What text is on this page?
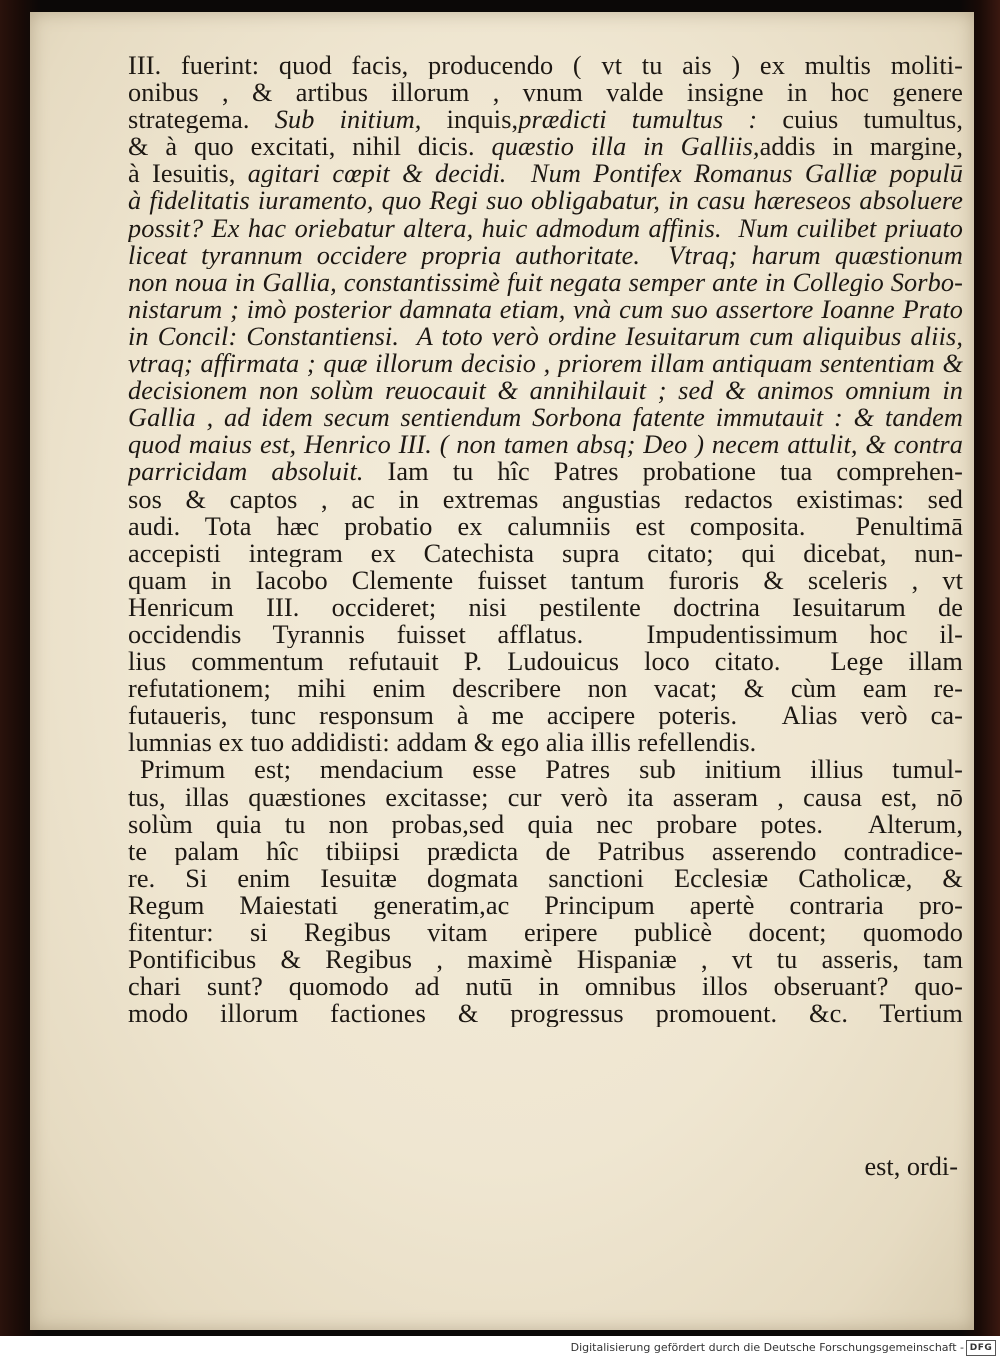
III. fuerint: quod facis, producendo ( vt tu ais ) ex multis moliti-
onibus , & artibus illorum , vnum valde insigne in hoc genere
strategema. Sub initium, inquis,prædicti tumultus : cuius tumultus,
& à quo excitati, nihil dicis. quæstio illa in Galliis,addis in margine,
à Iesuitis, agitari cœpit & decidi.  Num Pontifex Romanus Galliæ populū
à fidelitatis iuramento, quo Regi suo obligabatur, in casu hæreseos absoluere
possit? Ex hac oriebatur altera, huic admodum affinis.  Num cuilibet priuato
liceat tyrannum occidere propria authoritate.  Vtraq; harum quæstionum
non noua in Gallia, constantissimè fuit negata semper ante in Collegio Sorbo-
nistarum ; imò posterior damnata etiam, vnà cum suo assertore Ioanne Prato
in Concil: Constantiensi.  A toto verò ordine Iesuitarum cum aliquibus aliis,
vtraq; affirmata ; quæ illorum decisio , priorem illam antiquam sententiam &
decisionem non solùm reuocauit & annihilauit ; sed & animos omnium in
Gallia , ad idem secum sentiendum Sorbona fatente immutauit : & tandem
quod maius est, Henrico III. ( non tamen absq; Deo ) necem attulit, & contra
parricidam absoluit. Iam tu hîc Patres probatione tua comprehen-
sos & captos , ac in extremas angustias redactos existimas: sed
audi. Tota hæc probatio ex calumniis est composita.  Penultimā
accepisti integram ex Catechista supra citato; qui dicebat, nun-
quam in Iacobo Clemente fuisset tantum furoris & sceleris , vt
Henricum III. occideret; nisi pestilente doctrina Iesuitarum de
occidendis Tyrannis fuisset afflatus.  Impudentissimum hoc il-
lius commentum refutauit P. Ludouicus loco citato.  Lege illam
refutationem; mihi enim describere non vacat; & cùm eam re-
futaueris, tunc responsum à me accipere poteris.  Alias verò ca-
lumnias ex tuo addidisti: addam & ego alia illis refellendis.
Primum est; mendacium esse Patres sub initium illius tumul-
tus, illas quæstiones excitasse; cur verò ita asseram , causa est, nō
solùm quia tu non probas,sed quia nec probare potes.  Alterum,
te palam hîc tibiipsi prædicta de Patribus asserendo contradice-
re. Si enim Iesuitæ dogmata sanctioni Ecclesiæ Catholicæ, &
Regum Maiestati generatim,ac Principum apertè contraria pro-
fitentur: si Regibus vitam eripere publicè docent; quomodo
Pontificibus & Regibus , maximè Hispaniæ , vt tu asseris, tam
chari sunt? quomodo ad nutū in omnibus illos obseruant? quo-
modo illorum factiones & progressus promouent. &c. Tertium
est, ordi-
Digitalisierung gefördert durch die Deutsche Forschungsgemeinschaft - DFG
